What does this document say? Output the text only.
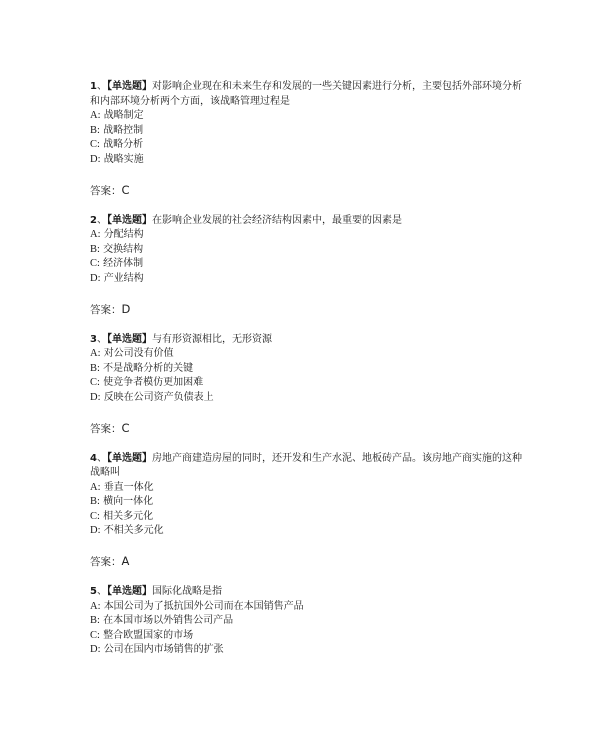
1、【单选题】对影响企业现在和未来生存和发展的一些关键因素进行分析，主要包括外部环境分析和内部环境分析两个方面，该战略管理过程是

A: 战略制定

B: 战略控制

C: 战略分析

D: 战略实施

答案：C

2、【单选题】在影响企业发展的社会经济结构因素中，最重要的因素是

A: 分配结构

B: 交换结构

C: 经济体制

D: 产业结构

答案：D

3、【单选题】与有形资源相比，无形资源

A: 对公司没有价值

B: 不是战略分析的关键

C: 使竞争者模仿更加困难

D: 反映在公司资产负债表上

答案：C

4、【单选题】房地产商建造房屋的同时，还开发和生产水泥、地板砖产品。该房地产商实施的这种战略叫

A: 垂直一体化

B: 横向一体化

C: 相关多元化

D: 不相关多元化

答案：A

5、【单选题】国际化战略是指

A: 本国公司为了抵抗国外公司而在本国销售产品

B: 在本国市场以外销售公司产品

C: 整合欧盟国家的市场

D: 公司在国内市场销售的扩张
